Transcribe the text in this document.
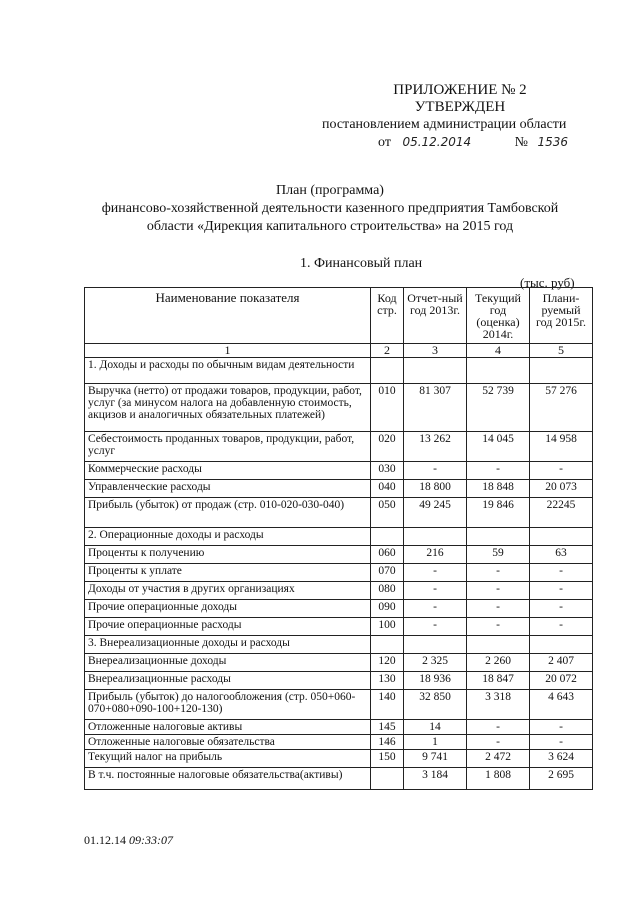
ПРИЛОЖЕНИЕ № 2
УТВЕРЖДЕН
постановлением администрации области
от 05.12.2014	№ 1536
План (программа)
финансово-хозяйственной деятельности казенного предприятия Тамбовской
области «Дирекция капитального строительства» на 2015 год
1. Финансовый план
(тыс. руб)
Наименование показателя	Код стр.	Отчет-ный год 2013г.	Текущий год (оценка) 2014г.	Плани-руемый год 2015г.
1	2	3	4	5
1. Доходы и расходы по обычным видам деятельности				
Выручка (нетто) от продажи товаров, продукции, работ, услуг (за минусом налога на добавленную стоимость, акцизов и аналогичных обязательных платежей)	010	81 307	52 739	57 276
Себестоимость проданных товаров, продукции, работ, услуг	020	13 262	14 045	14 958
Коммерческие расходы	030	-	-	-
Управленческие расходы	040	18 800	18 848	20 073
Прибыль (убыток) от продаж (стр. 010-020-030-040)	050	49 245	19 846	22245
2. Операционные доходы и расходы				
Проценты к получению	060	216	59	63
Проценты к уплате	070	-	-	-
Доходы от участия в других организациях	080	-	-	-
Прочие операционные доходы	090	-	-	-
Прочие операционные расходы	100	-	-	-
3. Внереализационные доходы и расходы				
Внереализационные доходы	120	2 325	2 260	2 407
Внереализационные расходы	130	18 936	18 847	20 072
Прибыль (убыток) до налогообложения (стр. 050+060-070+080+090-100+120-130)	140	32 850	3 318	4 643
Отложенные налоговые активы	145	14	-	-
Отложенные налоговые обязательства	146	1	-	-
Текущий налог на прибыль	150	9 741	2 472	3 624
В т.ч. постоянные налоговые обязательства(активы)		3 184	1 808	2 695
01.12.14 09:33:07
